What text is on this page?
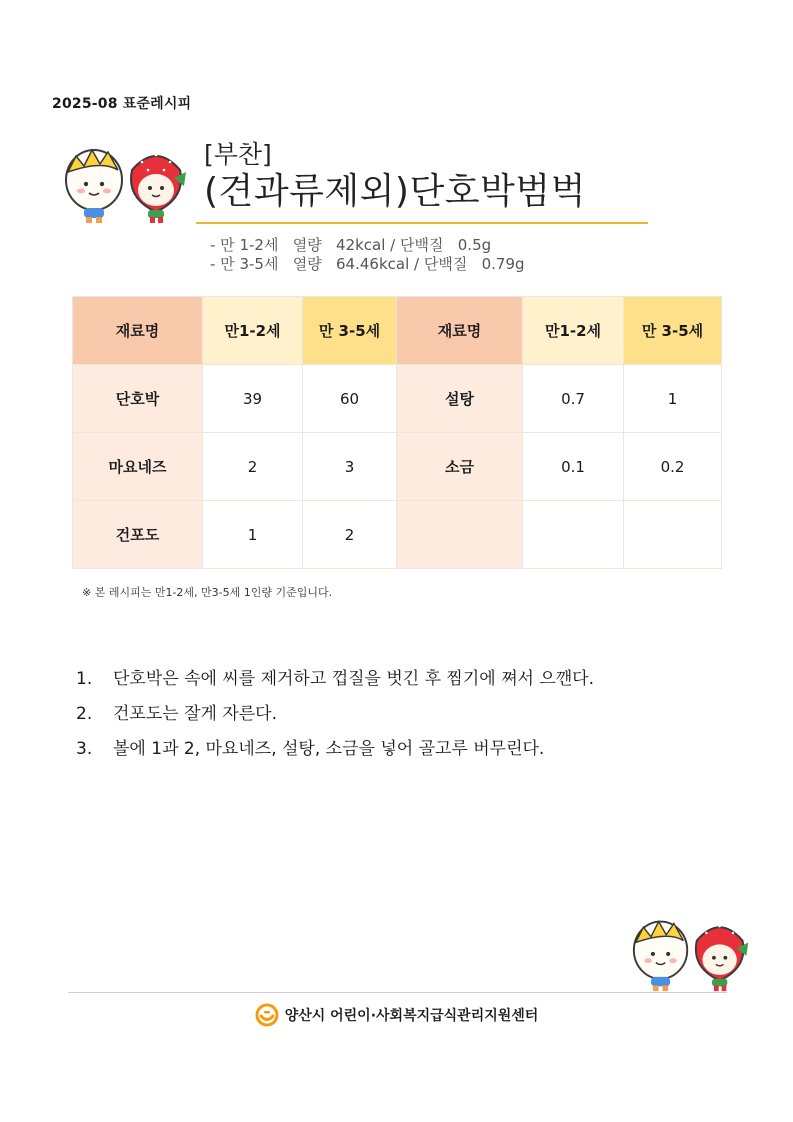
2025-08 표준레시피
[부찬]
(견과류제외)단호박범벅
- 만 1-2세   열량   42kcal / 단백질   0.5g
- 만 3-5세   열량   64.46kcal / 단백질   0.79g
재료명	만1-2세	만 3-5세	재료명	만1-2세	만 3-5세
단호박	39	60	설탕	0.7	1
마요네즈	2	3	소금	0.1	0.2
건포도	1	2			
※ 본 레시피는 만1-2세, 만3-5세 1인량 기준입니다.
1. 단호박은 속에 씨를 제거하고 껍질을 벗긴 후 찜기에 쪄서 으깬다.
2. 건포도는 잘게 자른다.
3. 볼에 1과 2, 마요네즈, 설탕, 소금을 넣어 골고루 버무린다.
양산시 어린이·사회복지급식관리지원센터
